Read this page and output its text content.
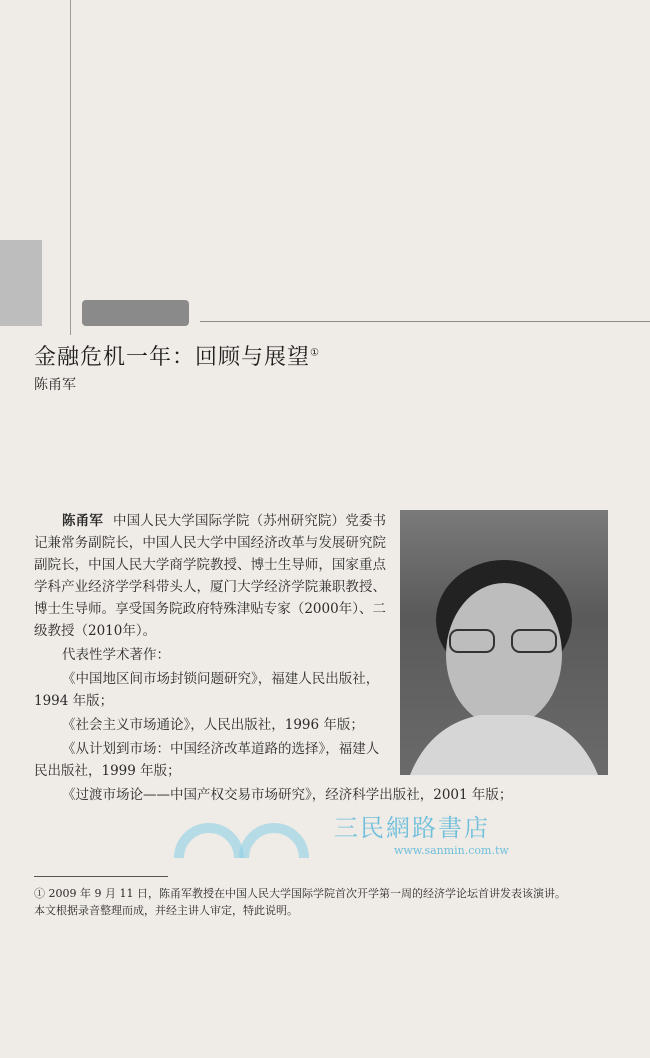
金融危机一年：回顾与展望①
陈甬军
陈甬军 中国人民大学国际学院（苏州研究院）党委书记兼常务副院长，中国人民大学中国经济改革与发展研究院副院长，中国人民大学商学院教授、博士生导师，国家重点学科产业经济学学科带头人，厦门大学经济学院兼职教授、博士生导师。享受国务院政府特殊津贴专家（2000年）、二级教授（2010年）。
代表性学术著作：
《中国地区间市场封锁问题研究》，福建人民出版社，1994 年版；
《社会主义市场通论》，人民出版社，1996 年版；
《从计划到市场：中国经济改革道路的选择》，福建人民出版社，1999 年版；
《过渡市场论——中国产权交易市场研究》，经济科学出版社，2001 年版；
三民網路書店
www.sanmin.com.tw
① 2009 年 9 月 11 日，陈甬军教授在中国人民大学国际学院首次开学第一周的经济学论坛首讲发表该演讲。本文根据录音整理而成，并经主讲人审定，特此说明。
